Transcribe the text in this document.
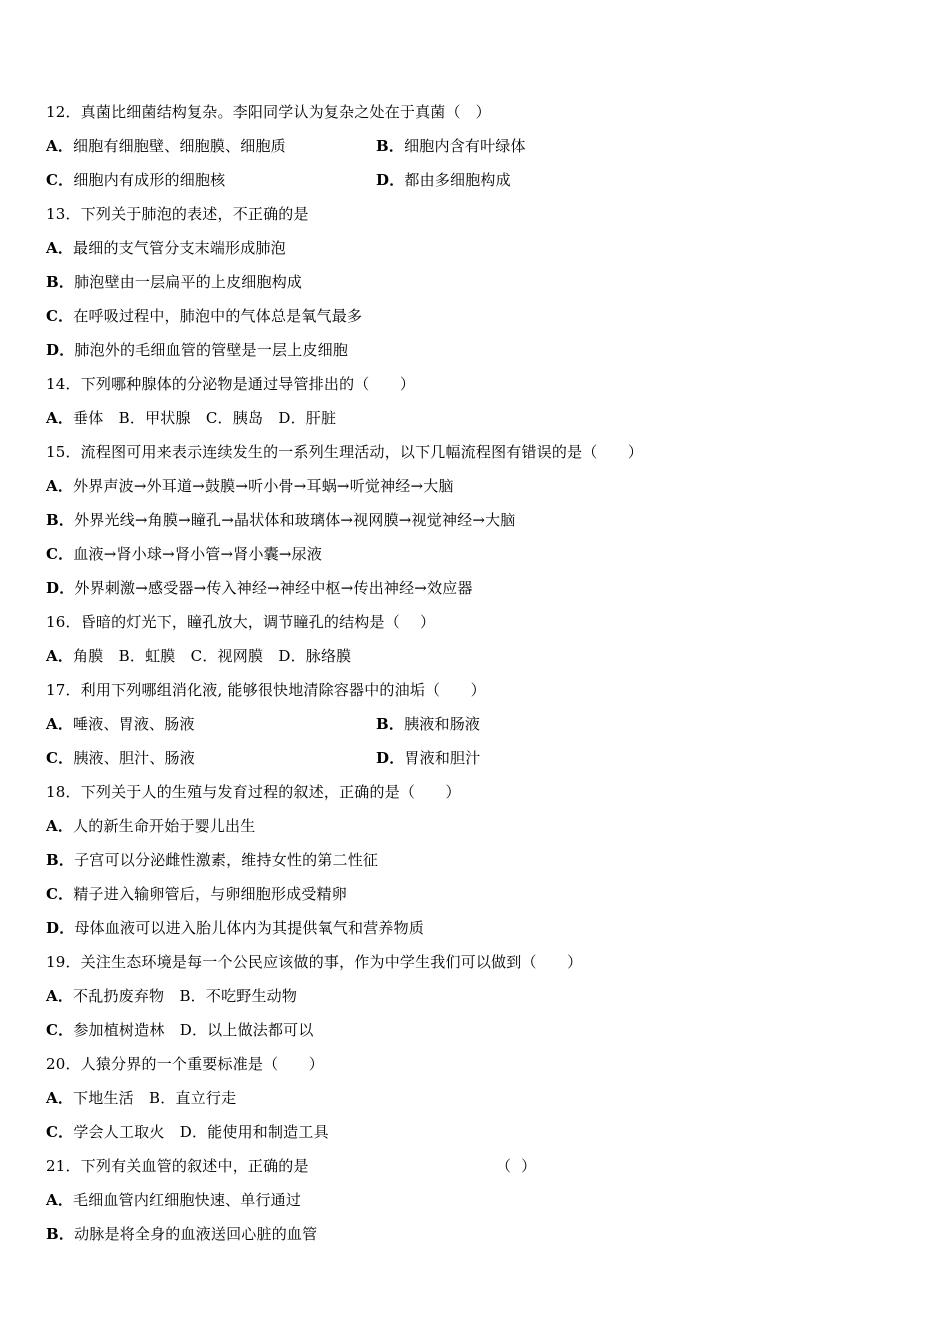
12．真菌比细菌结构复杂。李阳同学认为复杂之处在于真菌（   ）
A．细胞有细胞壁、细胞膜、细胞质	B．细胞内含有叶绿体
C．细胞内有成形的细胞核	D．都由多细胞构成
13．下列关于肺泡的表述，不正确的是
A．最细的支气管分支末端形成肺泡
B．肺泡壁由一层扁平的上皮细胞构成
C．在呼吸过程中，肺泡中的气体总是氧气最多
D．肺泡外的毛细血管的管壁是一层上皮细胞
14．下列哪种腺体的分泌物是通过导管排出的（　　）
A．垂体　B．甲状腺　C．胰岛　D．肝脏
15．流程图可用来表示连续发生的一系列生理活动，以下几幅流程图有错误的是（　　）
A．外界声波→外耳道→鼓膜→听小骨→耳蜗→听觉神经→大脑
B．外界光线→角膜→瞳孔→晶状体和玻璃体→视网膜→视觉神经→大脑
C．血液→肾小球→肾小管→肾小囊→尿液
D．外界刺激→感受器→传入神经→神经中枢→传出神经→效应器
16．昏暗的灯光下，瞳孔放大，调节瞳孔的结构是（　 ）
A．角膜　B．虹膜　C．视网膜　D．脉络膜
17．利用下列哪组消化液, 能够很快地清除容器中的油垢（　　）
A．唾液、胃液、肠液	B．胰液和肠液
C．胰液、胆汁、肠液	D．胃液和胆汁
18．下列关于人的生殖与发育过程的叙述，正确的是（　　）
A．人的新生命开始于婴儿出生
B．子宫可以分泌雌性激素，维持女性的第二性征
C．精子进入输卵管后，与卵细胞形成受精卵
D．母体血液可以进入胎儿体内为其提供氧气和营养物质
19．关注生态环境是每一个公民应该做的事，作为中学生我们可以做到（　　）
A．不乱扔废弃物　B．不吃野生动物
C．参加植树造林　D．以上做法都可以
20．人猿分界的一个重要标准是（　　）
A．下地生活　B．直立行走
C．学会人工取火　D．能使用和制造工具
21．下列有关血管的叙述中，正确的是	（  ）
A．毛细血管内红细胞快速、单行通过
B．动脉是将全身的血液送回心脏的血管
